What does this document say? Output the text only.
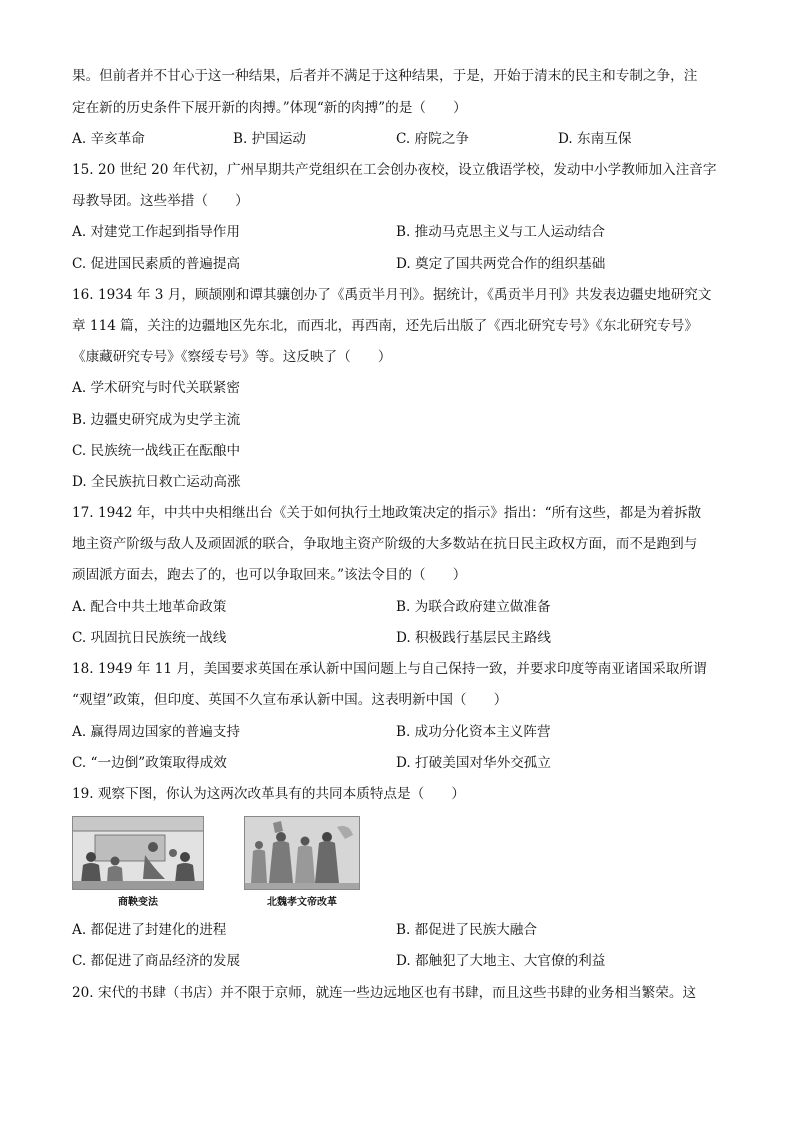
果。但前者并不甘心于这一种结果，后者并不满足于这种结果，于是，开始于清末的民主和专制之争，注
定在新的历史条件下展开新的肉搏。”体现“新的肉搏”的是（　　）
A. 辛亥革命	B. 护国运动	C. 府院之争	D. 东南互保
15. 20 世纪 20 年代初，广州早期共产党组织在工会创办夜校，设立俄语学校，发动中小学教师加入注音字
母教导团。这些举措（　　）
A. 对建党工作起到指导作用	B. 推动马克思主义与工人运动结合
C. 促进国民素质的普遍提高	D. 奠定了国共两党合作的组织基础
16. 1934 年 3 月，顾颉刚和谭其骧创办了《禹贡半月刊》。据统计，《禹贡半月刊》共发表边疆史地研究文
章 114 篇，关注的边疆地区先东北，而西北，再西南，还先后出版了《西北研究专号》《东北研究专号》
《康藏研究专号》《察绥专号》等。这反映了（　　）
A. 学术研究与时代关联紧密
B. 边疆史研究成为史学主流
C. 民族统一战线正在酝酿中
D. 全民族抗日救亡运动高涨
17. 1942 年，中共中央相继出台《关于如何执行土地政策决定的指示》指出：“所有这些，都是为着拆散
地主资产阶级与敌人及顽固派的联合，争取地主资产阶级的大多数站在抗日民主政权方面，而不是跑到与
顽固派方面去，跑去了的，也可以争取回来。”该法令目的（　　）
A. 配合中共土地革命政策	B. 为联合政府建立做准备
C. 巩固抗日民族统一战线	D. 积极践行基层民主路线
18. 1949 年 11 月，美国要求英国在承认新中国问题上与自己保持一致，并要求印度等南亚诸国采取所谓
“观望”政策，但印度、英国不久宣布承认新中国。这表明新中国（　　）
A. 赢得周边国家的普遍支持	B. 成功分化资本主义阵营
C. “一边倒”政策取得成效	D. 打破美国对华外交孤立
19. 观察下图，你认为这两次改革具有的共同本质特点是（　　）
商鞅变法	北魏孝文帝改革
A. 都促进了封建化的进程	B. 都促进了民族大融合
C. 都促进了商品经济的发展	D. 都触犯了大地主、大官僚的利益
20. 宋代的书肆（书店）并不限于京师，就连一些边远地区也有书肆，而且这些书肆的业务相当繁荣。这
